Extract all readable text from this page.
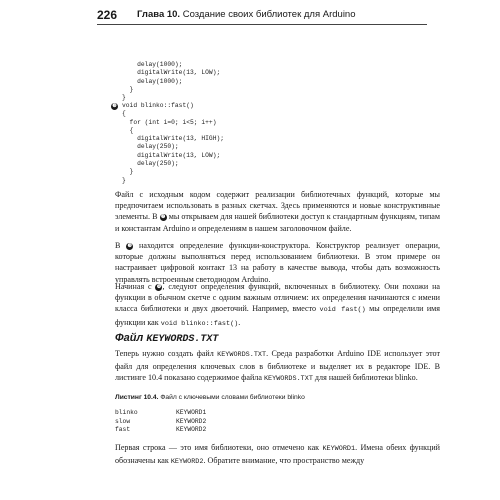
226 Глава 10. Создание своих библиотек для Arduino
delay(1000);
digitalWrite(13, LOW);
delay(1000);
}
}
❸ void blinko::fast()
{
for (int i=0; i<5; i++)
{
digitalWrite(13, HIGH);
delay(250);
digitalWrite(13, LOW);
delay(250);
}
}

Файл с исходным кодом содержит реализации библиотечных функций, которые мы предпочитаем использовать в разных скетчах. Здесь применяются и новые конструктивные элементы. В ❷ мы открываем для нашей библиотеки доступ к стандартным функциям, типам и константам Arduino и определениям в нашем заголовочном файле.

В ❸ находится определение функции-конструктора. Конструктор реализует операции, которые должны выполняться перед использованием библиотеки. В этом примере он настраивает цифровой контакт 13 на работу в качестве вывода, чтобы дать возможность управлять встроенным светодиодом Arduino.

Начиная с ❹, следуют определения функций, включенных в библиотеку. Они похожи на функции в обычном скетче с одним важным отличием: их определения начинаются с имени класса библиотеки и двух двоеточий. Например, вместо void fast() мы определили имя функции как void blinko::fast().

Файл KEYWORDS.TXT

Теперь нужно создать файл KEYWORDS.TXT. Среда разработки Arduino IDE использует этот файл для определения ключевых слов в библиотеке и выделяет их в редакторе IDE. В листинге 10.4 показано содержимое файла KEYWORDS.TXT для нашей библиотеки blinko.

Листинг 10.4. Файл с ключевыми словами библиотеки blinko
blinko	KEYWORD1
slow	KEYWORD2
fast	KEYWORD2

Первая строка — это имя библиотеки, оно отмечено как KEYWORD1. Имена обеих функций обозначены как KEYWORD2. Обратите внимание, что пространство между
